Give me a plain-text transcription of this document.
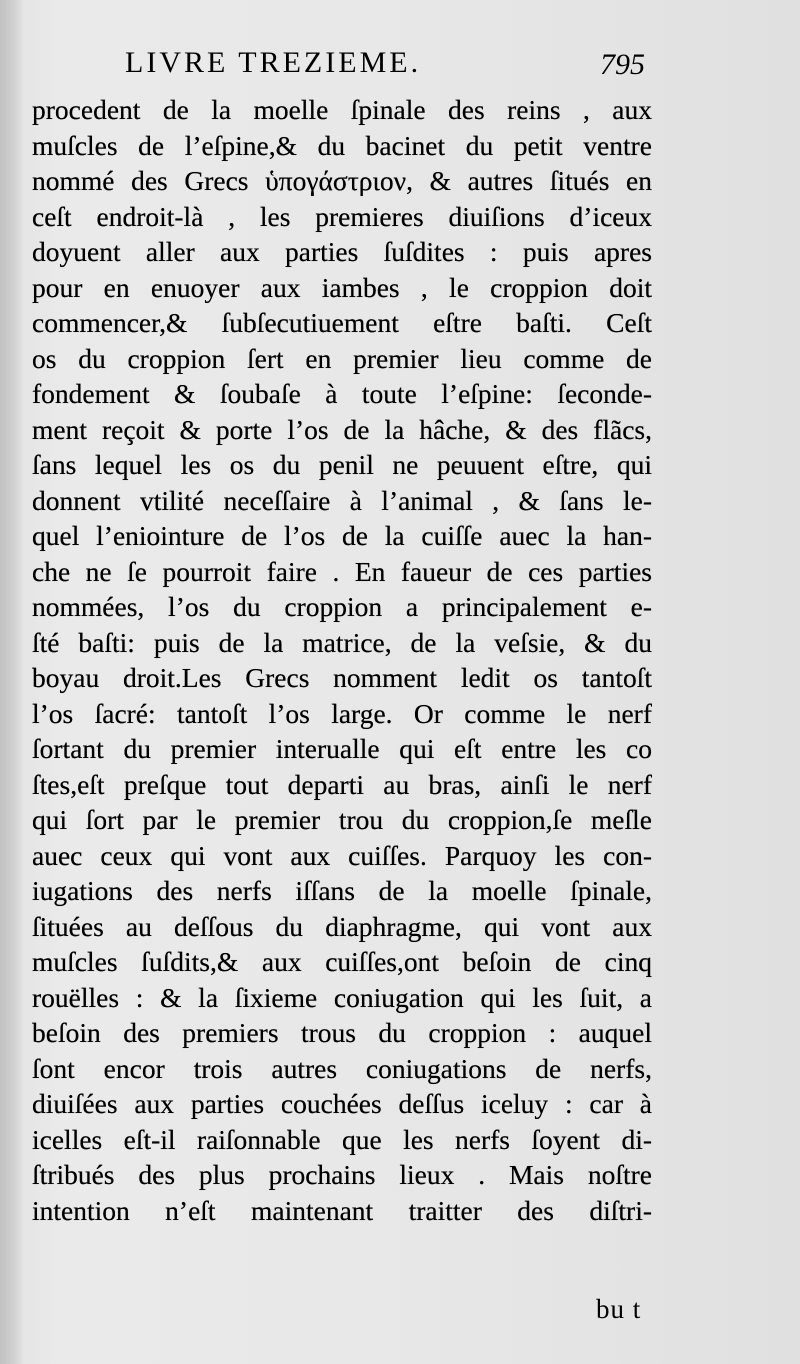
LIVRE TREZIEME.	795
procedent de la moelle ſpinale des reins , aux
muſcles de l’eſpine,& du bacinet du petit ventre
nommé des Grecs ὑπογάστριον, & autres ſitués en
ceſt endroit-là , les premieres diuiſions d’iceux
doyuent aller aux parties ſuſdites : puis apres
pour en enuoyer aux iambes , le croppion doit
commencer,& ſubſecutiuement eſtre baſti. Ceſt
os du croppion ſert en premier lieu comme de
fondement & ſoubaſe à toute l’eſpine: ſeconde-
ment reçoit & porte l’os de la hâche, & des flãcs,
ſans lequel les os du penil ne peuuent eſtre, qui
donnent vtilité neceſſaire à l’animal , & ſans le-
quel l’eniointure de l’os de la cuiſſe auec la han-
che ne ſe pourroit faire . En faueur de ces parties
nommées, l’os du croppion a principalement e-
ſté baſti: puis de la matrice, de la veſsie, & du
boyau droit.Les Grecs nomment ledit os tantoſt
l’os ſacré: tantoſt l’os large. Or comme le nerf
ſortant du premier interualle qui eſt entre les co
ſtes,eſt preſque tout departi au bras, ainſi le nerf
qui ſort par le premier trou du croppion,ſe meſle
auec ceux qui vont aux cuiſſes. Parquoy les con-
iugations des nerfs iſſans de la moelle ſpinale,
ſituées au deſſous du diaphragme, qui vont aux
muſcles ſuſdits,& aux cuiſſes,ont beſoin de cinq
rouëlles : & la ſixieme coniugation qui les ſuit, a
beſoin des premiers trous du croppion : auquel
ſont encor trois autres coniugations de nerfs,
diuiſées aux parties couchées deſſus iceluy : car à
icelles eſt-il raiſonnable que les nerfs ſoyent di-
ſtribués des plus prochains lieux . Mais noſtre
intention n’eſt maintenant traitter des diſtri-
bu t
